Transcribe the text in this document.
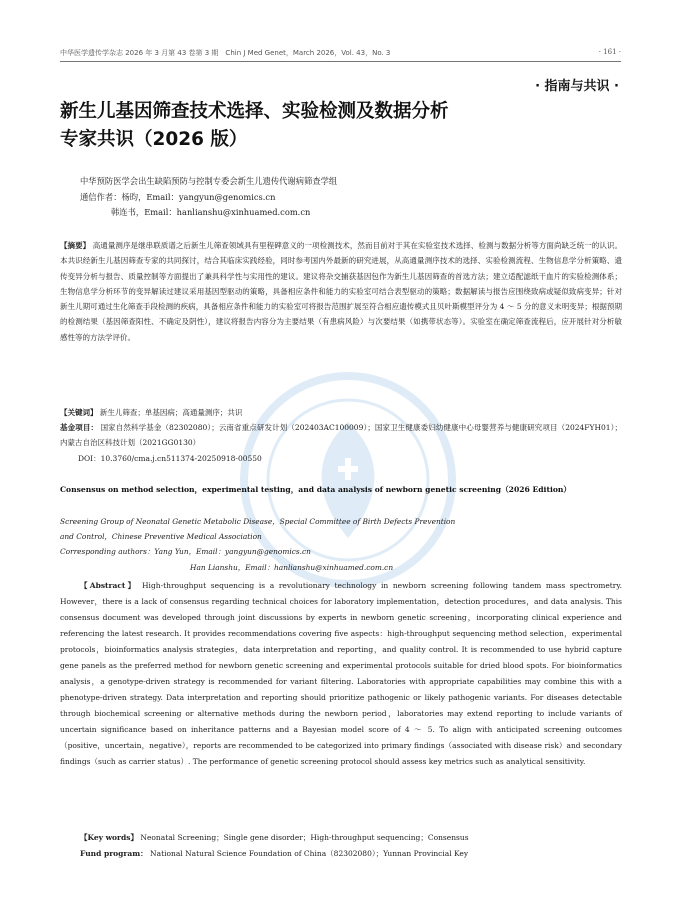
中华医学遗传学杂志 2026 年 3 月第 43 卷第 3 期　Chin J Med Genet，March 2026，Vol. 43，No. 3	· 161 ·
· 指南与共识 ·
新生儿基因筛查技术选择、实验检测及数据分析
专家共识（2026 版）
中华预防医学会出生缺陷预防与控制专委会新生儿遗传代谢病筛查学组
通信作者：杨昀，Email：yangyun@genomics.cn
韩连书，Email：hanlianshu@xinhuamed.com.cn

【摘要】 高通量测序是继串联质谱之后新生儿筛查领域具有里程碑意义的一项检测技术，然而目前对于其在实验室技术选择、检测与数据分析等方面尚缺乏统一的认识。本共识经新生儿基因筛查专家的共同探讨，结合其临床实践经验，同时参考国内外最新的研究进展，从高通量测序技术的选择、实验检测流程、生物信息学分析策略、遗传变异分析与报告、质量控制等方面提出了兼具科学性与实用性的建议。建议将杂交捕获基因包作为新生儿基因筛查的首选方法；建立适配滤纸干血片的实验检测体系；生物信息学分析环节的变异解读过建议采用基因型驱动的策略，具备相应条件和能力的实验室可结合表型驱动的策略；数据解读与报告应围绕致病或疑似致病变异；针对新生儿期可通过生化筛查手段检测的疾病，具备相应条件和能力的实验室可将报告范围扩展至符合相应遗传模式且贝叶斯模型评分为 4 ～ 5 分的意义未明变异；根据预期的检测结果（基因筛查阳性、不确定及阴性），建议将报告内容分为主要结果（有患病风险）与次要结果（如携带状态等）。实验室在确定筛查流程后，应开展针对分析敏感性等的方法学评价。

【关键词】 新生儿筛查；单基因病；高通量测序；共识
基金项目： 国家自然科学基金（82302080）；云南省重点研发计划（202403AC100009）；国家卫生健康委妇幼健康中心母婴营养与健康研究项目（2024FYH01）；内蒙古自治区科技计划（2021GG0130）
DOI：10.3760/cma.j.cn511374-20250918-00550

Consensus on method selection，experimental testing，and data analysis of newborn genetic screening（2026 Edition）

Screening Group of Neonatal Genetic Metabolic Disease，Special Committee of Birth Defects Prevention
and Control，Chinese Preventive Medical Association
Corresponding authors：Yang Yun，Email：yangyun@genomics.cn
Han Lianshu，Email：hanlianshu@xinhuamed.com.cn

【Abstract】 High-throughput sequencing is a revolutionary technology in newborn screening following tandem mass spectrometry. However，there is a lack of consensus regarding technical choices for laboratory implementation，detection procedures，and data analysis. This consensus document was developed through joint discussions by experts in newborn genetic screening，incorporating clinical experience and referencing the latest research. It provides recommendations covering five aspects：high-throughput sequencing method selection，experimental protocols，bioinformatics analysis strategies，data interpretation and reporting，and quality control. It is recommended to use hybrid capture gene panels as the preferred method for newborn genetic screening and experimental protocols suitable for dried blood spots. For bioinformatics analysis，a genotype-driven strategy is recommended for variant filtering. Laboratories with appropriate capabilities may combine this with a phenotype-driven strategy. Data interpretation and reporting should prioritize pathogenic or likely pathogenic variants. For diseases detectable through biochemical screening or alternative methods during the newborn period，laboratories may extend reporting to include variants of uncertain significance based on inheritance patterns and a Bayesian model score of 4 ～ 5. To align with anticipated screening outcomes（positive，uncertain，negative），reports are recommended to be categorized into primary findings（associated with disease risk）and secondary findings（such as carrier status）. The performance of genetic screening protocol should assess key metrics such as analytical sensitivity.

【Key words】 Neonatal Screening；Single gene disorder；High-throughput sequencing；Consensus
Fund program： National Natural Science Foundation of China（82302080）；Yunnan Provincial Key
